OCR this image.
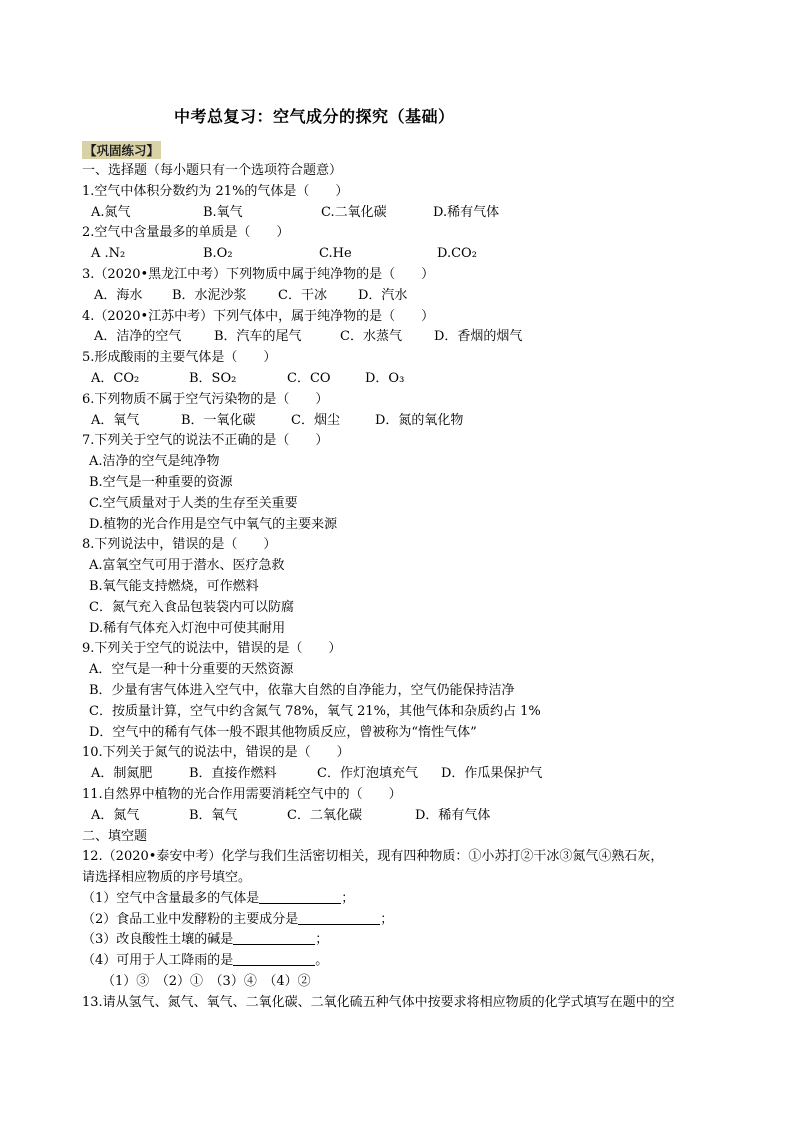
中考总复习：空气成分的探究（基础）
【巩固练习】
一、选择题（每小题只有一个选项符合题意）
1.空气中体积分数约为 21%的气体是（　　）
A.氮气	B.氧气	C.二氧化碳	D.稀有气体
2.空气中含量最多的单质是（　　）
A .N₂	B.O₂	C.He	D.CO₂
3.（2020•黑龙江中考）下列物质中属于纯净物的是（　　）
A．海水 B．水泥沙浆 C．干冰 D．汽水
4.（2020•江苏中考）下列气体中，属于纯净物的是（　　）
A．洁净的空气	B．汽车的尾气	C．水蒸气 D．香烟的烟气
5.形成酸雨的主要气体是（　　）
A．CO₂	B．SO₂	C．CO	D．O₃
6.下列物质不属于空气污染物的是（　　）
A．氧气	B．一氧化碳	C．烟尘	D．氮的氧化物
7.下列关于空气的说法不正确的是（　　）
A.洁净的空气是纯净物
B.空气是一种重要的资源
C.空气质量对于人类的生存至关重要
D.植物的光合作用是空气中氧气的主要来源
8.下列说法中，错误的是（　　）
A.富氧空气可用于潜水、医疗急救
B.氧气能支持燃烧，可作燃料
C．氮气充入食品包装袋内可以防腐
D.稀有气体充入灯泡中可使其耐用
9.下列关于空气的说法中，错误的是（　　）
A．空气是一种十分重要的天然资源
B．少量有害气体进入空气中，依靠大自然的自净能力，空气仍能保持洁净
C．按质量计算，空气中约含氮气 78%，氧气 21%，其他气体和杂质约占 1%
D．空气中的稀有气体一般不跟其他物质反应，曾被称为“惰性气体”
10.下列关于氮气的说法中，错误的是（　　）
A．制氮肥	B．直接作燃料	C．作灯泡填充气 D．作瓜果保护气
11.自然界中植物的光合作用需要消耗空气中的（　　）
A．氮气	B．氧气	C．二氧化碳	D．稀有气体
二、填空题
12.（2020•泰安中考）化学与我们生活密切相关，现有四种物质：①小苏打②干冰③氮气④熟石灰，
请选择相应物质的序号填空。
（1）空气中含量最多的气体是	；
（2）食品工业中发酵粉的主要成分是	；
（3）改良酸性土壤的碱是	；
（4）可用于人工降雨的是	。
（1）③　（2）①　（3）④　（4）②
13.请从氢气、氮气、氧气、二氧化碳、二氧化硫五种气体中按要求将相应物质的化学式填写在题中的空
